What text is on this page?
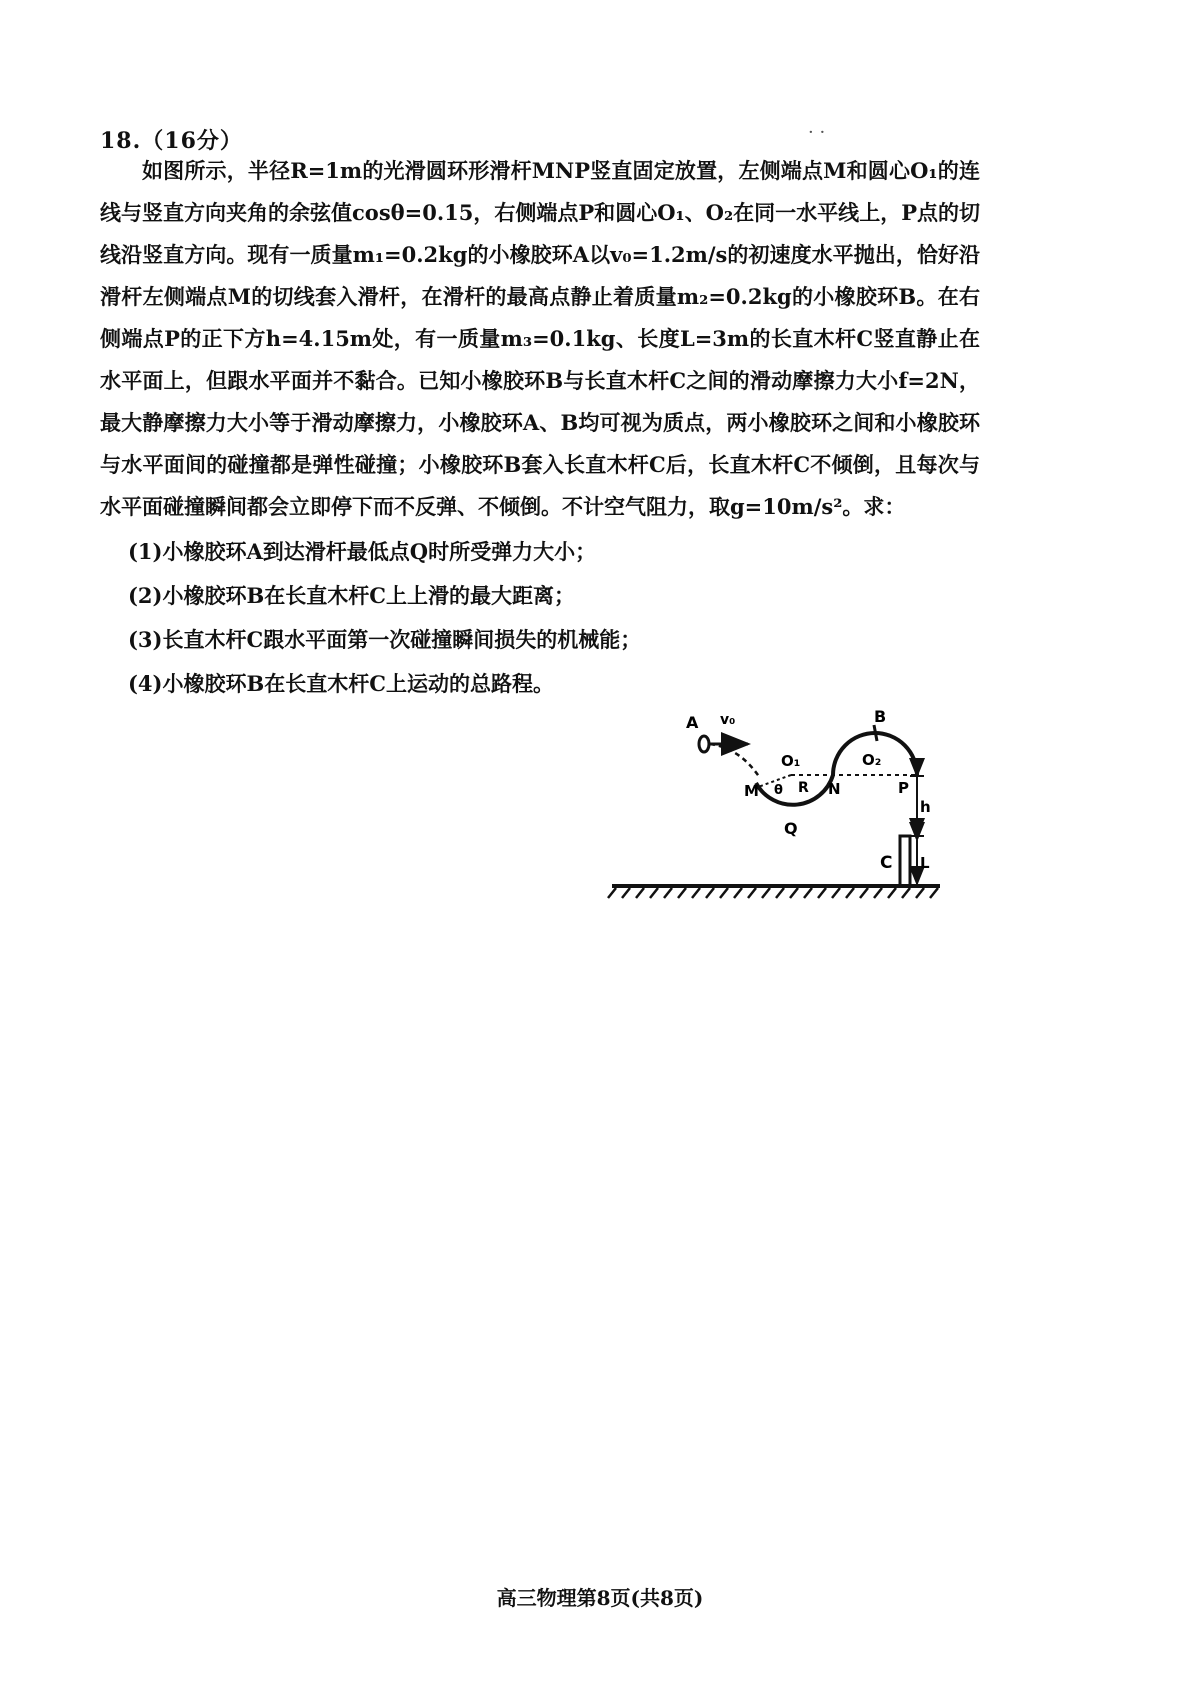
18.（16分）	· ·
如图所示，半径R=1m的光滑圆环形滑杆MNP竖直固定放置，左侧端点M和圆心O₁的连线与竖直方向夹角的余弦值cosθ=0.15，右侧端点P和圆心O₁、O₂在同一水平线上，P点的切线沿竖直方向。现有一质量m₁=0.2kg的小橡胶环A以v₀=1.2m/s的初速度水平抛出，恰好沿滑杆左侧端点M的切线套入滑杆，在滑杆的最高点静止着质量m₂=0.2kg的小橡胶环B。在右侧端点P的正下方h=4.15m处，有一质量m₃=0.1kg、长度L=3m的长直木杆C竖直静止在水平面上，但跟水平面并不黏合。已知小橡胶环B与长直木杆C之间的滑动摩擦力大小f=2N，最大静摩擦力大小等于滑动摩擦力，小橡胶环A、B均可视为质点，两小橡胶环之间和小橡胶环与水平面间的碰撞都是弹性碰撞；小橡胶环B套入长直木杆C后，长直木杆C不倾倒，且每次与水平面碰撞瞬间都会立即停下而不反弹、不倾倒。不计空气阻力，取g=10m/s²。求：
(1)小橡胶环A到达滑杆最低点Q时所受弹力大小；
(2)小橡胶环B在长直木杆C上上滑的最大距离；
(3)长直木杆C跟水平面第一次碰撞瞬间损失的机械能；
(4)小橡胶环B在长直木杆C上运动的总路程。
A v₀
O₁
θ R
M	N
Q
B
O₂
P
h
C L
高三物理第8页(共8页)
